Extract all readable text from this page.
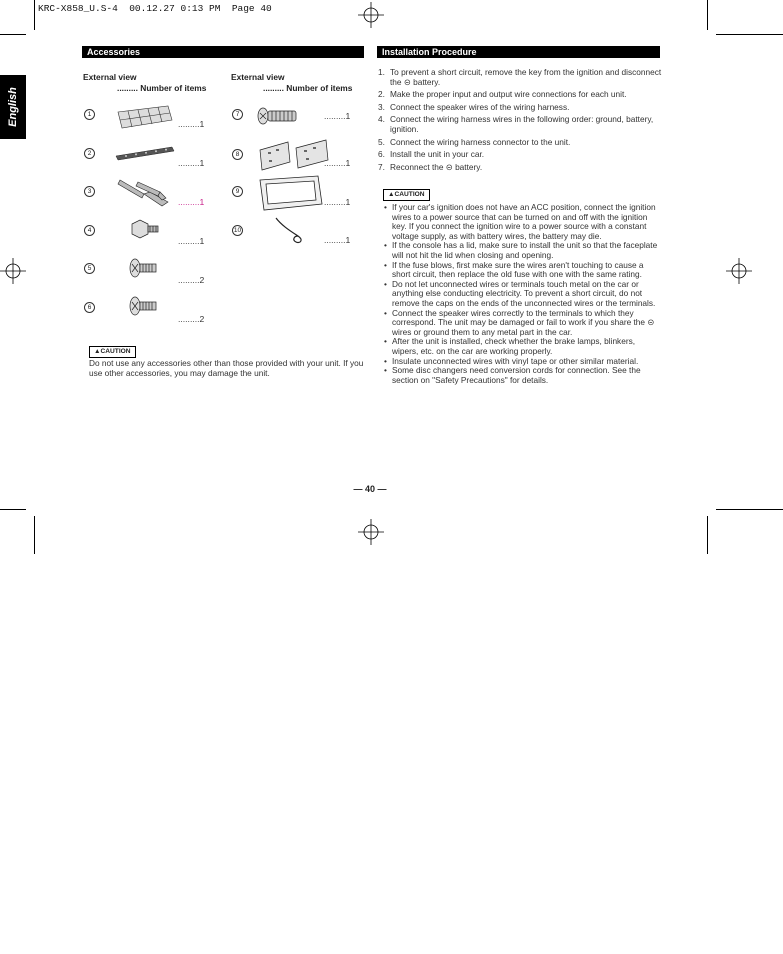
KRC-X858_U.S-4  00.12.27 0:13 PM  Page 40
English
Accessories
External view
......... Number of items
External view
......... Number of items
1
.........1
2
.........1
3
.........1
4
.........1
5
.........2
6
.........2
7	.........1
8
.........1
9
.........1
10
.........1
▲CAUTION
Do not use any accessories other than those provided with your unit. If you use other accessories, you may damage the unit.
Installation Procedure
1. To prevent a short circuit, remove the key from the ignition and disconnect the ⊝ battery.
2. Make the proper input and output wire connections for each unit.
3. Connect the speaker wires of the wiring harness.
4. Connect the wiring harness wires in the following order: ground, battery, ignition.
5. Connect the wiring harness connector to the unit.
6. Install the unit in your car.
7. Reconnect the ⊝ battery.
▲CAUTION
• If your car's ignition does not have an ACC position, connect the ignition wires to a power source that can be turned on and off with the ignition key. If you connect the ignition wire to a power source with a constant voltage supply, as with battery wires, the battery may die.
• If the console has a lid, make sure to install the unit so that the faceplate will not hit the lid when closing and opening.
• If the fuse blows, first make sure the wires aren't touching to cause a short circuit, then replace the old fuse with one with the same rating.
• Do not let unconnected wires or terminals touch metal on the car or anything else conducting electricity. To prevent a short circuit, do not remove the caps on the ends of the unconnected wires or the terminals.
• Connect the speaker wires correctly to the terminals to which they correspond. The unit may be damaged or fail to work if you share the ⊝ wires or ground them to any metal part in the car.
• After the unit is installed, check whether the brake lamps, blinkers, wipers, etc. on the car are working properly.
• Insulate unconnected wires with vinyl tape or other similar material.
• Some disc changers need conversion cords for connection. See the section on "Safety Precautions" for details.
— 40 —
